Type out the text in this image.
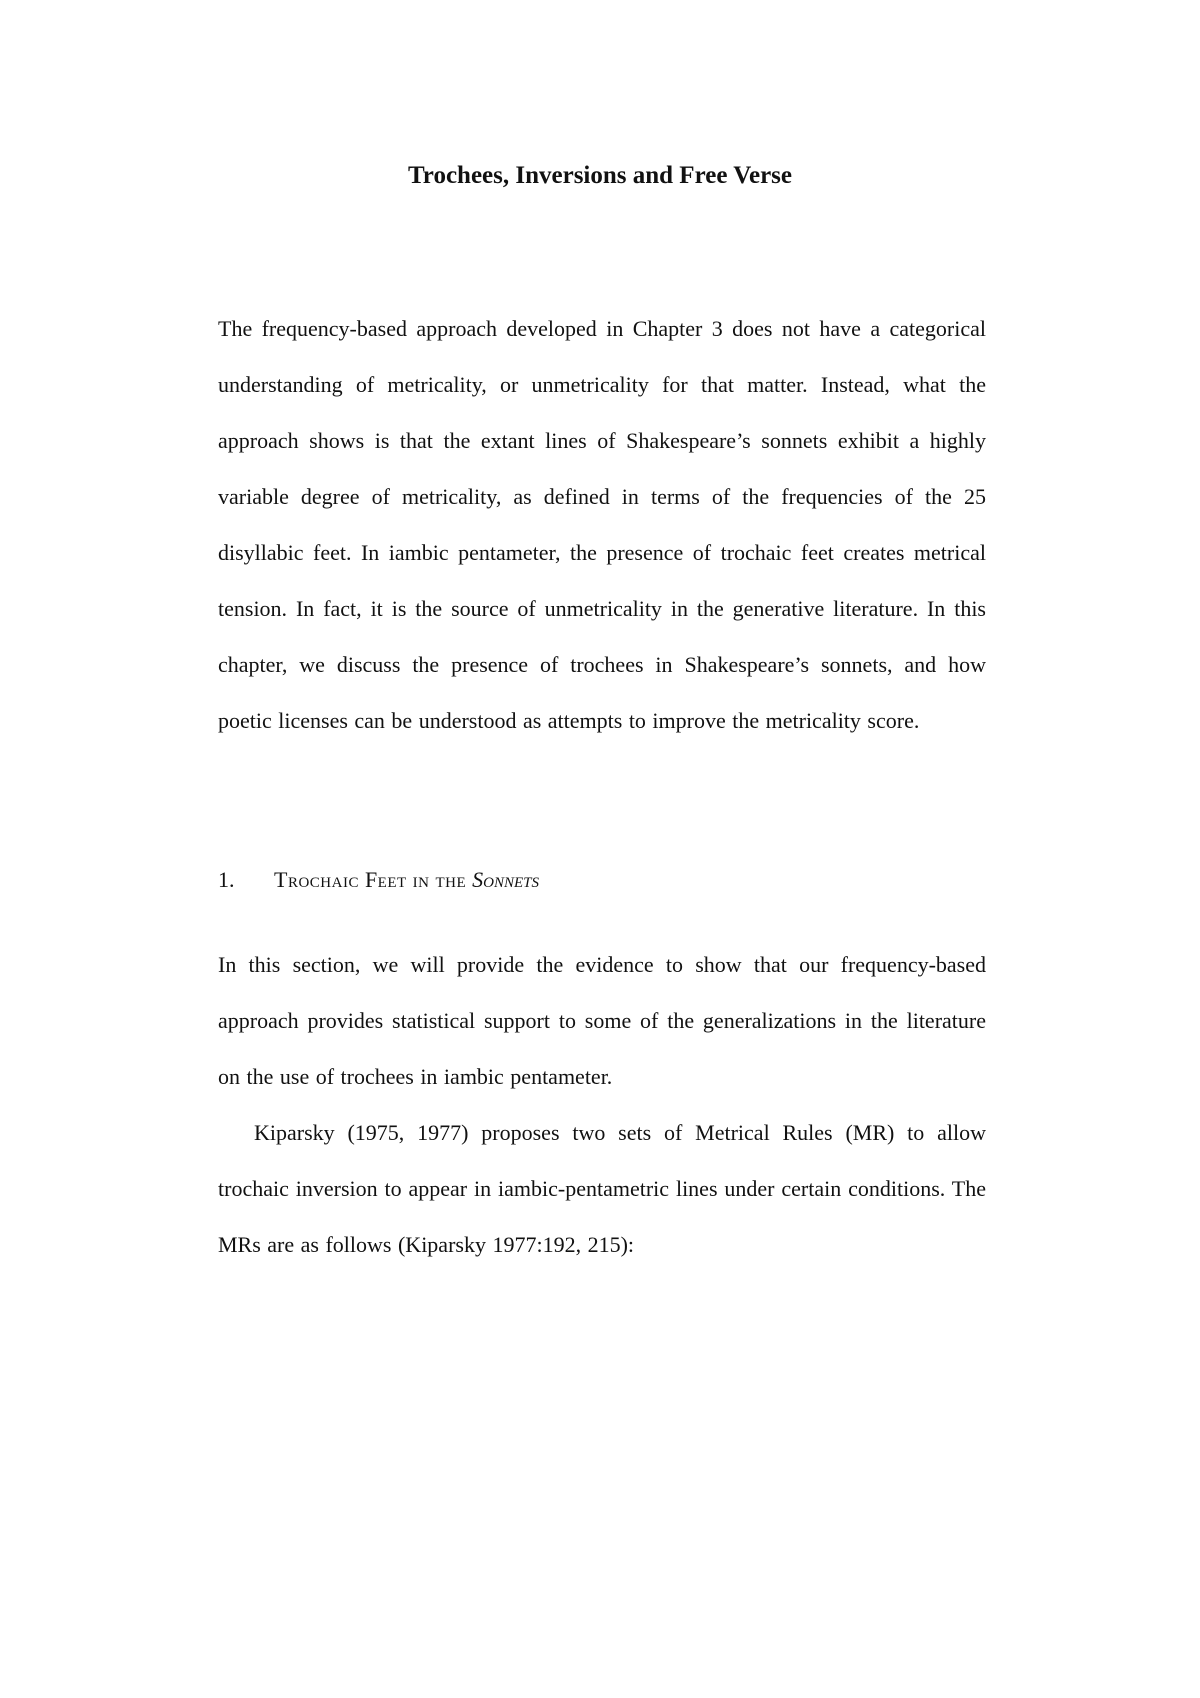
Trochees, Inversions and Free Verse

The frequency-based approach developed in Chapter 3 does not have a categorical understanding of metricality, or unmetricality for that matter. Instead, what the approach shows is that the extant lines of Shakespeare’s sonnets exhibit a highly variable degree of metricality, as defined in terms of the frequencies of the 25 disyllabic feet. In iambic pentameter, the presence of trochaic feet creates metrical tension. In fact, it is the source of unmetricality in the generative literature. In this chapter, we discuss the presence of trochees in Shakespeare’s sonnets, and how poetic licenses can be understood as attempts to improve the metricality score.

1. Trochaic Feet in the Sonnets

In this section, we will provide the evidence to show that our frequency-based approach provides statistical support to some of the generalizations in the literature on the use of trochees in iambic pentameter.

Kiparsky (1975, 1977) proposes two sets of Metrical Rules (MR) to allow trochaic inversion to appear in iambic-pentametric lines under certain conditions. The MRs are as follows (Kiparsky 1977:192, 215):
